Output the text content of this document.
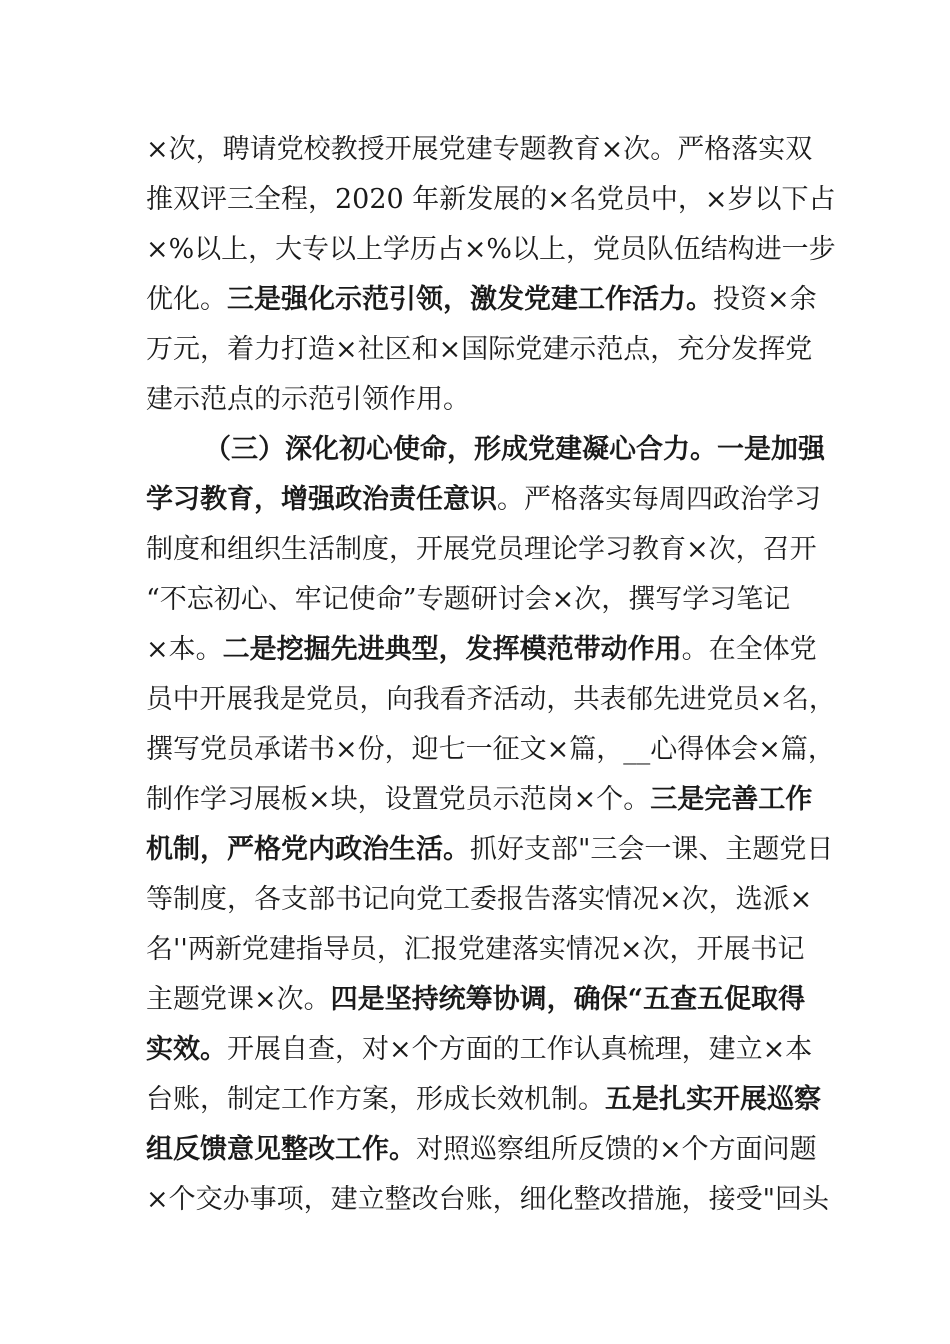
×次，聘请党校教授开展党建专题教育×次。严格落实双
推双评三全程，2020 年新发展的×名党员中，×岁以下占
×%以上，大专以上学历占×%以上，党员队伍结构进一步
优化。三是强化示范引领，激发党建工作活力。投资×余
万元，着力打造×社区和×国际党建示范点，充分发挥党
建示范点的示范引领作用。
（三）深化初心使命，形成党建凝心合力。一是加强
学习教育，增强政治责任意识。严格落实每周四政治学习
制度和组织生活制度，开展党员理论学习教育×次，召开
“不忘初心、牢记使命”专题研讨会×次，撰写学习笔记
×本。二是挖掘先进典型，发挥模范带动作用。在全体党
员中开展我是党员，向我看齐活动，共表郁先进党员×名，
撰写党员承诺书×份，迎七一征文×篇，__心得体会×篇，
制作学习展板×块，设置党员示范岗×个。三是完善工作
机制，严格党内政治生活。抓好支部"三会一课、主题党日
等制度，各支部书记向党工委报告落实情况×次，选派×
名''两新党建指导员，汇报党建落实情况×次，开展书记
主题党课×次。四是坚持统筹协调，确保“五查五促取得
实效。开展自查，对×个方面的工作认真梳理，建立×本
台账，制定工作方案，形成长效机制。五是扎实开展巡察
组反馈意见整改工作。对照巡察组所反馈的×个方面问题
×个交办事项，建立整改台账，细化整改措施，接受"回头
